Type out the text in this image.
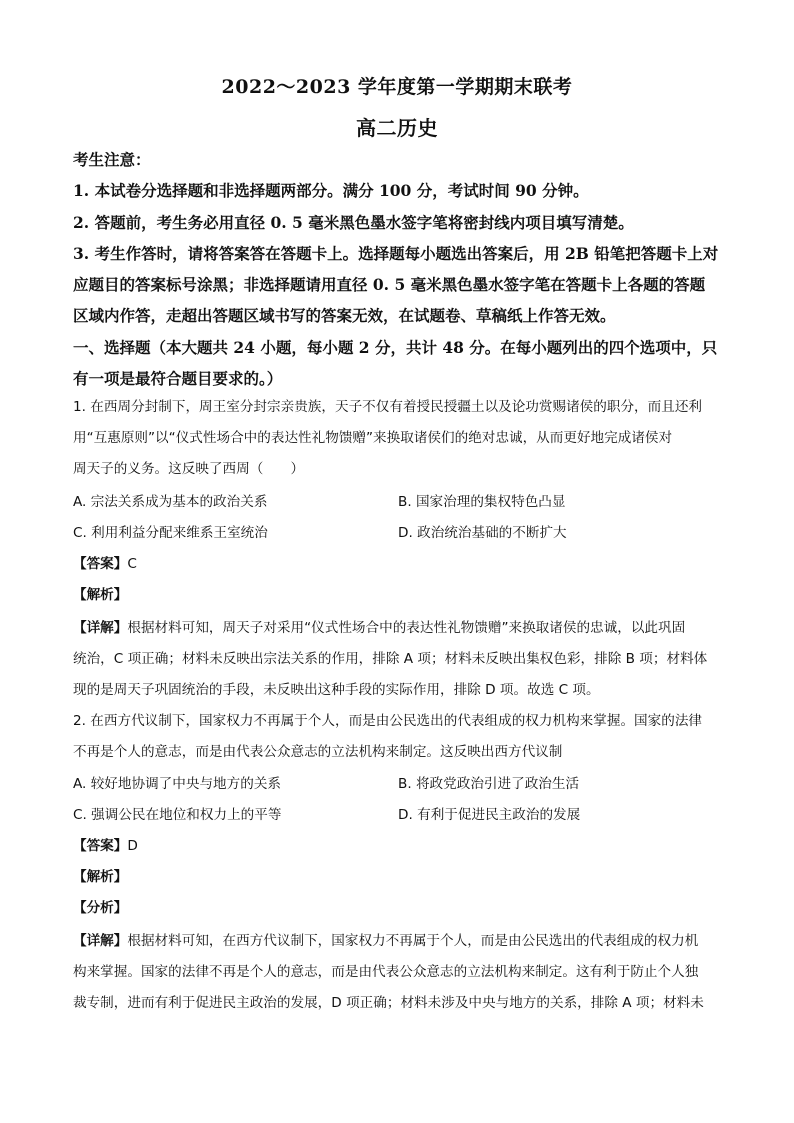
2022～2023 学年度第一学期期末联考
高二历史
考生注意：
1. 本试卷分选择题和非选择题两部分。满分 100 分，考试时间 90 分钟。
2. 答题前，考生务必用直径 0. 5 毫米黑色墨水签字笔将密封线内项目填写清楚。
3. 考生作答时，请将答案答在答题卡上。选择题每小题选出答案后，用 2B 铅笔把答题卡上对
应题目的答案标号涂黑；非选择题请用直径 0. 5 毫米黑色墨水签字笔在答题卡上各题的答题
区域内作答，走超出答题区域书写的答案无效，在试题卷、草稿纸上作答无效。
一、选择题（本大题共 24 小题，每小题 2 分，共计 48 分。在每小题列出的四个选项中，只
有一项是最符合题目要求的。）
1. 在西周分封制下，周王室分封宗亲贵族，天子不仅有着授民授疆土以及论功赏赐诸侯的职分，而且还利
用“互惠原则”以“仪式性场合中的表达性礼物馈赠”来换取诸侯们的绝对忠诚，从而更好地完成诸侯对
周天子的义务。这反映了西周（　　）
A. 宗法关系成为基本的政治关系	B. 国家治理的集权特色凸显
C. 利用利益分配来维系王室统治	D. 政治统治基础的不断扩大
【答案】C
【解析】
【详解】根据材料可知，周天子对采用“仪式性场合中的表达性礼物馈赠”来换取诸侯的忠诚，以此巩固
统治，C 项正确；材料未反映出宗法关系的作用，排除 A 项；材料未反映出集权色彩，排除 B 项；材料体
现的是周天子巩固统治的手段，未反映出这种手段的实际作用，排除 D 项。故选 C 项。
2. 在西方代议制下，国家权力不再属于个人，而是由公民选出的代表组成的权力机构来掌握。国家的法律
不再是个人的意志，而是由代表公众意志的立法机构来制定。这反映出西方代议制
A. 较好地协调了中央与地方的关系	B. 将政党政治引进了政治生活
C. 强调公民在地位和权力上的平等	D. 有利于促进民主政治的发展
【答案】D
【解析】
【分析】
【详解】根据材料可知，在西方代议制下，国家权力不再属于个人，而是由公民选出的代表组成的权力机
构来掌握。国家的法律不再是个人的意志，而是由代表公众意志的立法机构来制定。这有利于防止个人独
裁专制，进而有利于促进民主政治的发展，D 项正确；材料未涉及中央与地方的关系，排除 A 项；材料未
